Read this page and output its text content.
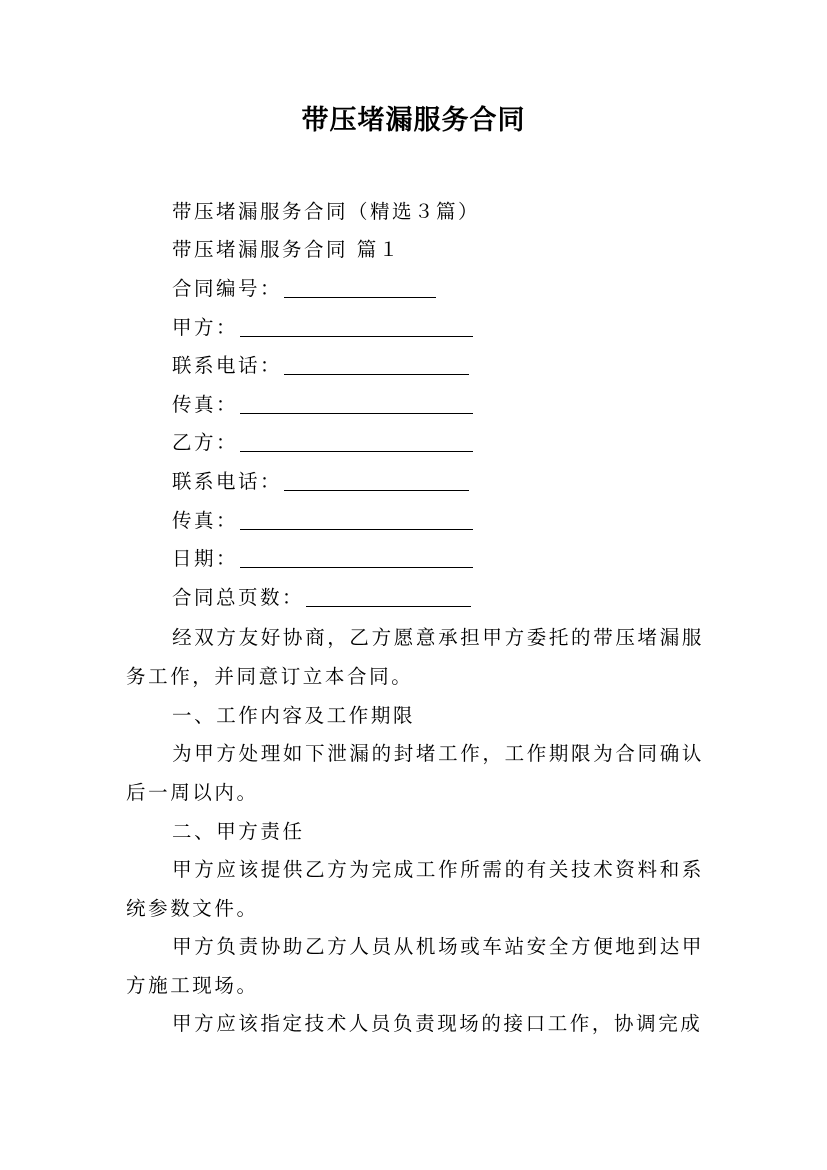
带压堵漏服务合同
带压堵漏服务合同（精选３篇）
带压堵漏服务合同 篇１
合同编号：
甲方：
联系电话：
传真：
乙方：
联系电话：
传真：
日期：
合同总页数：
经双方友好协商，乙方愿意承担甲方委托的带压堵漏服务工作，并同意订立本合同。
一、工作内容及工作期限
为甲方处理如下泄漏的封堵工作，工作期限为合同确认后一周以内。
二、甲方责任
甲方应该提供乙方为完成工作所需的有关技术资料和系统参数文件。
甲方负责协助乙方人员从机场或车站安全方便地到达甲方施工现场。
甲方应该指定技术人员负责现场的接口工作，协调完成
